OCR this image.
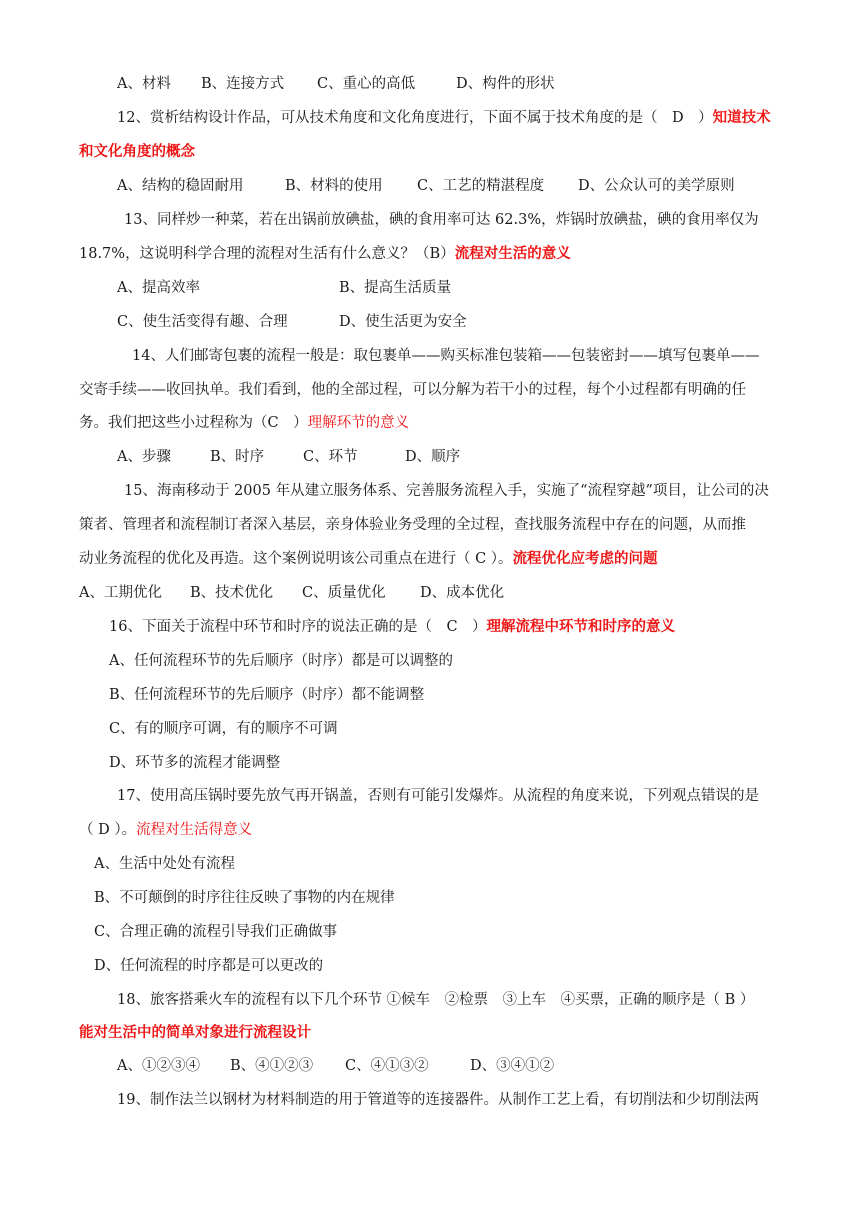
A、材料 B、连接方式 C、重心的高低	D、构件的形状
12、赏析结构设计作品，可从技术角度和文化角度进行，下面不属于技术角度的是（　D　）知道技术
和文化角度的概念
A、结构的稳固耐用	B、材料的使用 C、工艺的精湛程度 D、公众认可的美学原则
13、同样炒一种菜，若在出锅前放碘盐，碘的食用率可达 62.3%，炸锅时放碘盐，碘的食用率仅为
18.7%，这说明科学合理的流程对生活有什么意义？（B）流程对生活的意义
A、提高效率	B、提高生活质量
C、使生活变得有趣、合理	D、使生活更为安全
14、人们邮寄包裹的流程一般是：取包裹单——购买标准包装箱——包装密封——填写包裹单——
交寄手续——收回执单。我们看到，他的全部过程，可以分解为若干小的过程，每个小过程都有明确的任
务。我们把这些小过程称为（C　）理解环节的意义
A、步骤	B、时序	C、环节	D、顺序
15、海南移动于 2005 年从建立服务体系、完善服务流程入手，实施了“流程穿越”项目，让公司的决
策者、管理者和流程制订者深入基层，亲身体验业务受理的全过程，查找服务流程中存在的问题，从而推
动业务流程的优化及再造。这个案例说明该公司重点在进行（ C ）。流程优化应考虑的问题
A、工期优化 B、技术优化 C、质量优化 D、成本优化
16、下面关于流程中环节和时序的说法正确的是（　C　）理解流程中环节和时序的意义
A、任何流程环节的先后顺序（时序）都是可以调整的
B、任何流程环节的先后顺序（时序）都不能调整
C、有的顺序可调，有的顺序不可调
D、环节多的流程才能调整
17、使用高压锅时要先放气再开锅盖，否则有可能引发爆炸。从流程的角度来说，下列观点错误的是
（ D ）。流程对生活得意义
A、生活中处处有流程
B、不可颠倒的时序往往反映了事物的内在规律
C、合理正确的流程引导我们正确做事
D、任何流程的时序都是可以更改的
18、旅客搭乘火车的流程有以下几个环节 ①候车　②检票　③上车　④买票，正确的顺序是（ B ）
能对生活中的简单对象进行流程设计
A、①②③④ B、④①②③ C、④①③②	D、③④①②
19、制作法兰以钢材为材料制造的用于管道等的连接器件。从制作工艺上看，有切削法和少切削法两
